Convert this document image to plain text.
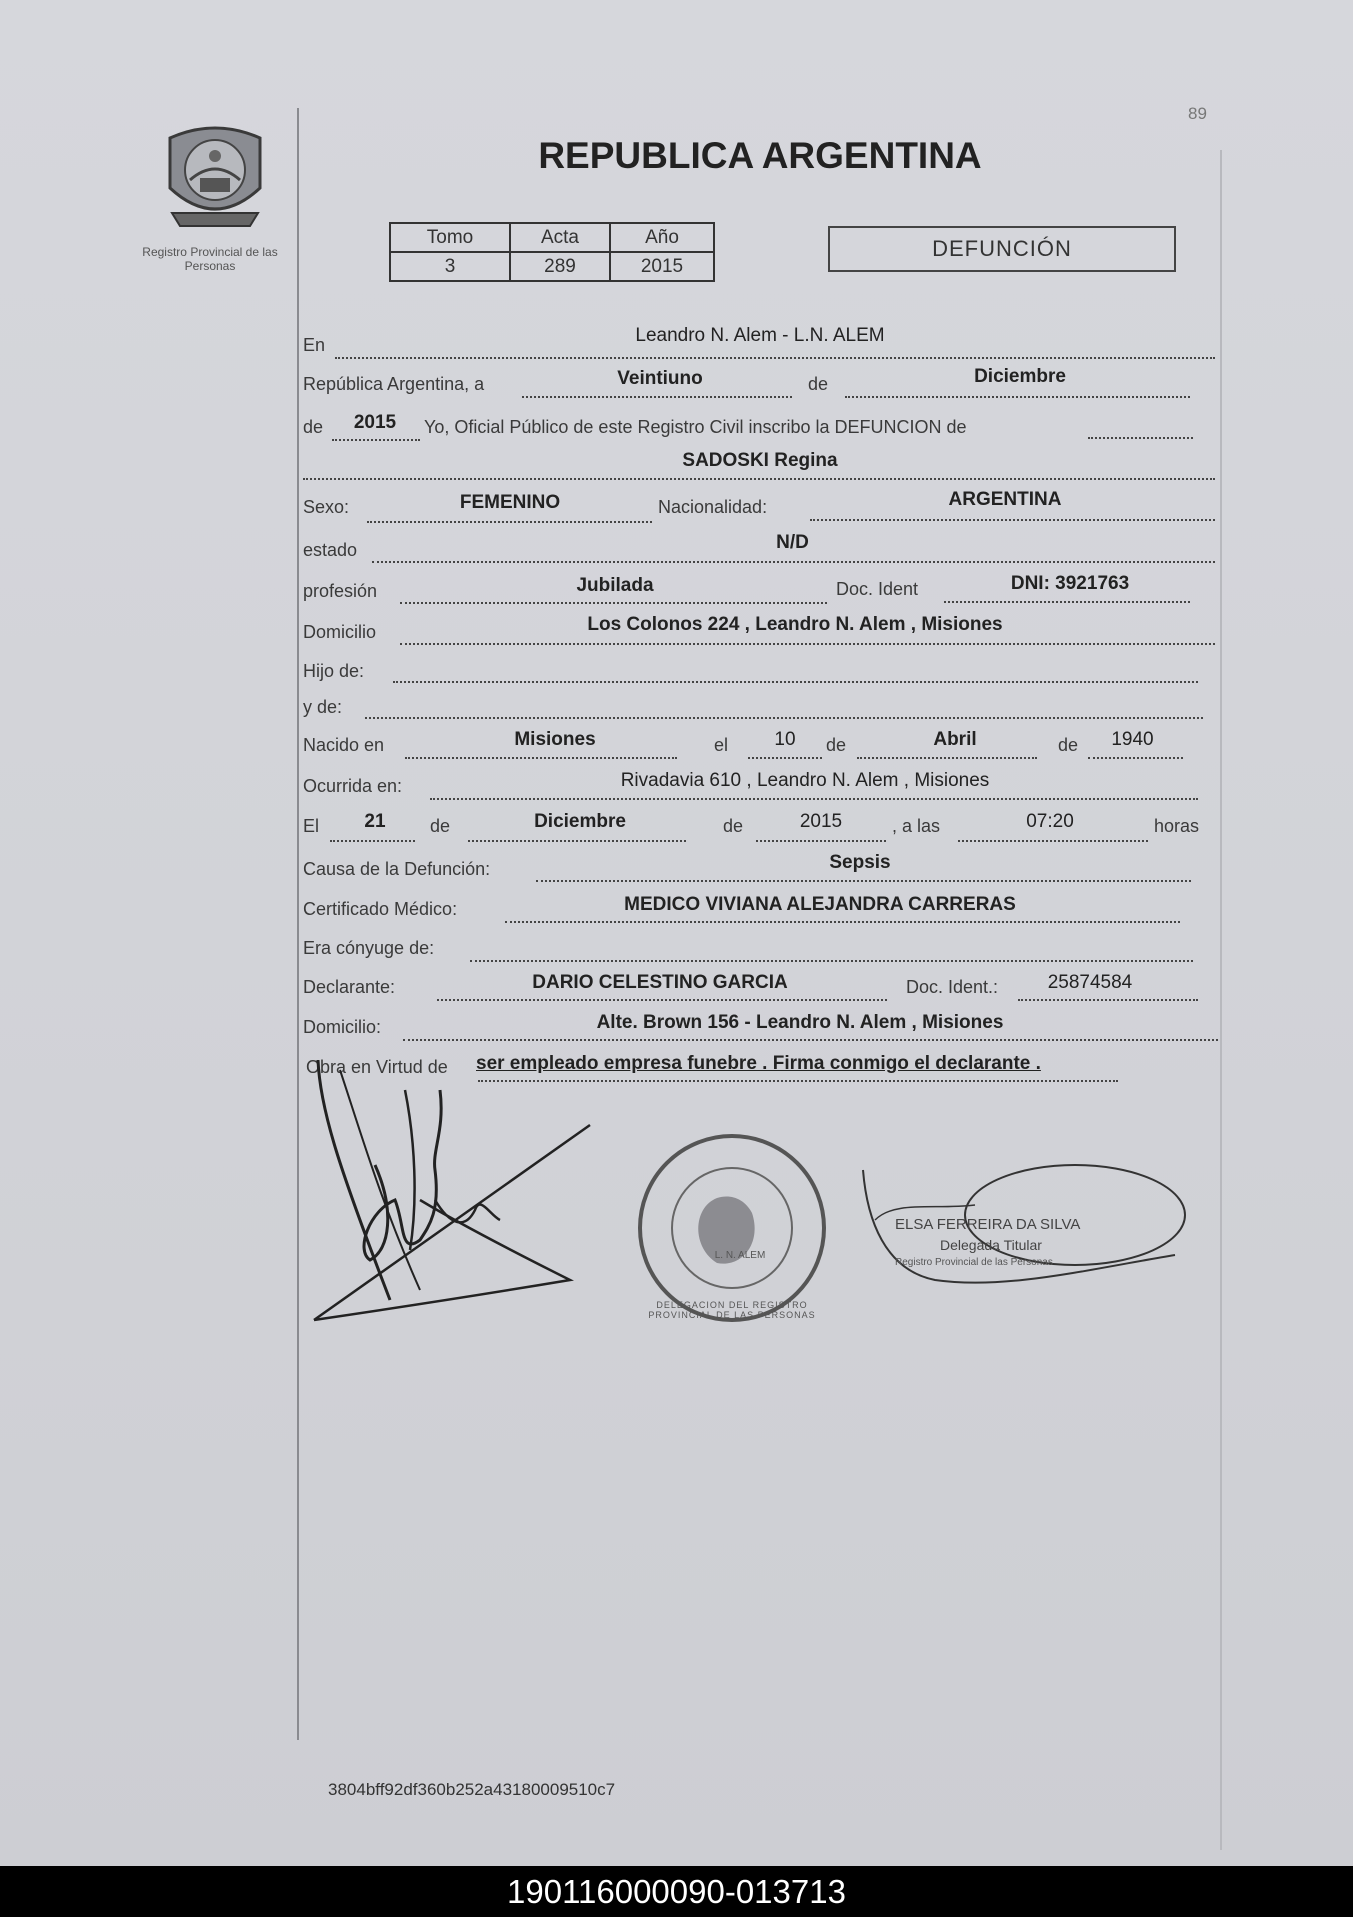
89
Registro Provincial de las Personas
REPUBLICA ARGENTINA
Tomo	Acta	Año
3	289	2015
DEFUNCIÓN
En	Leandro N. Alem - L.N. ALEM
República Argentina, a	Veintiuno	de	Diciembre
de	2015	Yo, Oficial Público de este Registro Civil inscribo la DEFUNCION de
SADOSKI Regina
Sexo:	FEMENINO	Nacionalidad:	ARGENTINA
estado	N/D
profesión	Jubilada	Doc. Ident	DNI: 3921763
Domicilio	Los Colonos 224 , Leandro N. Alem , Misiones
Hijo de:
y de:
Nacido en	Misiones	el	10	de	Abril	de	1940
Ocurrida en:	Rivadavia 610 , Leandro N. Alem , Misiones
El	21	de	Diciembre	de	2015	, a las	07:20	horas
Causa de la Defunción:	Sepsis
Certificado Médico:	MEDICO VIVIANA ALEJANDRA CARRERAS
Era cónyuge de:
Declarante:	DARIO CELESTINO GARCIA	Doc. Ident.:	25874584
Domicilio:	Alte. Brown 156 - Leandro N. Alem , Misiones
Obra en Virtud de ser empleado empresa funebre . Firma conmigo el declarante .
DELEGACION DEL REGISTRO PROVINCIAL DE LAS PERSONAS
L. N. ALEM
ELSA FERREIRA DA SILVA
Delegada Titular
Registro Provincial de las Personas
3804bff92df360b252a43180009510c7
190116000090-013713
